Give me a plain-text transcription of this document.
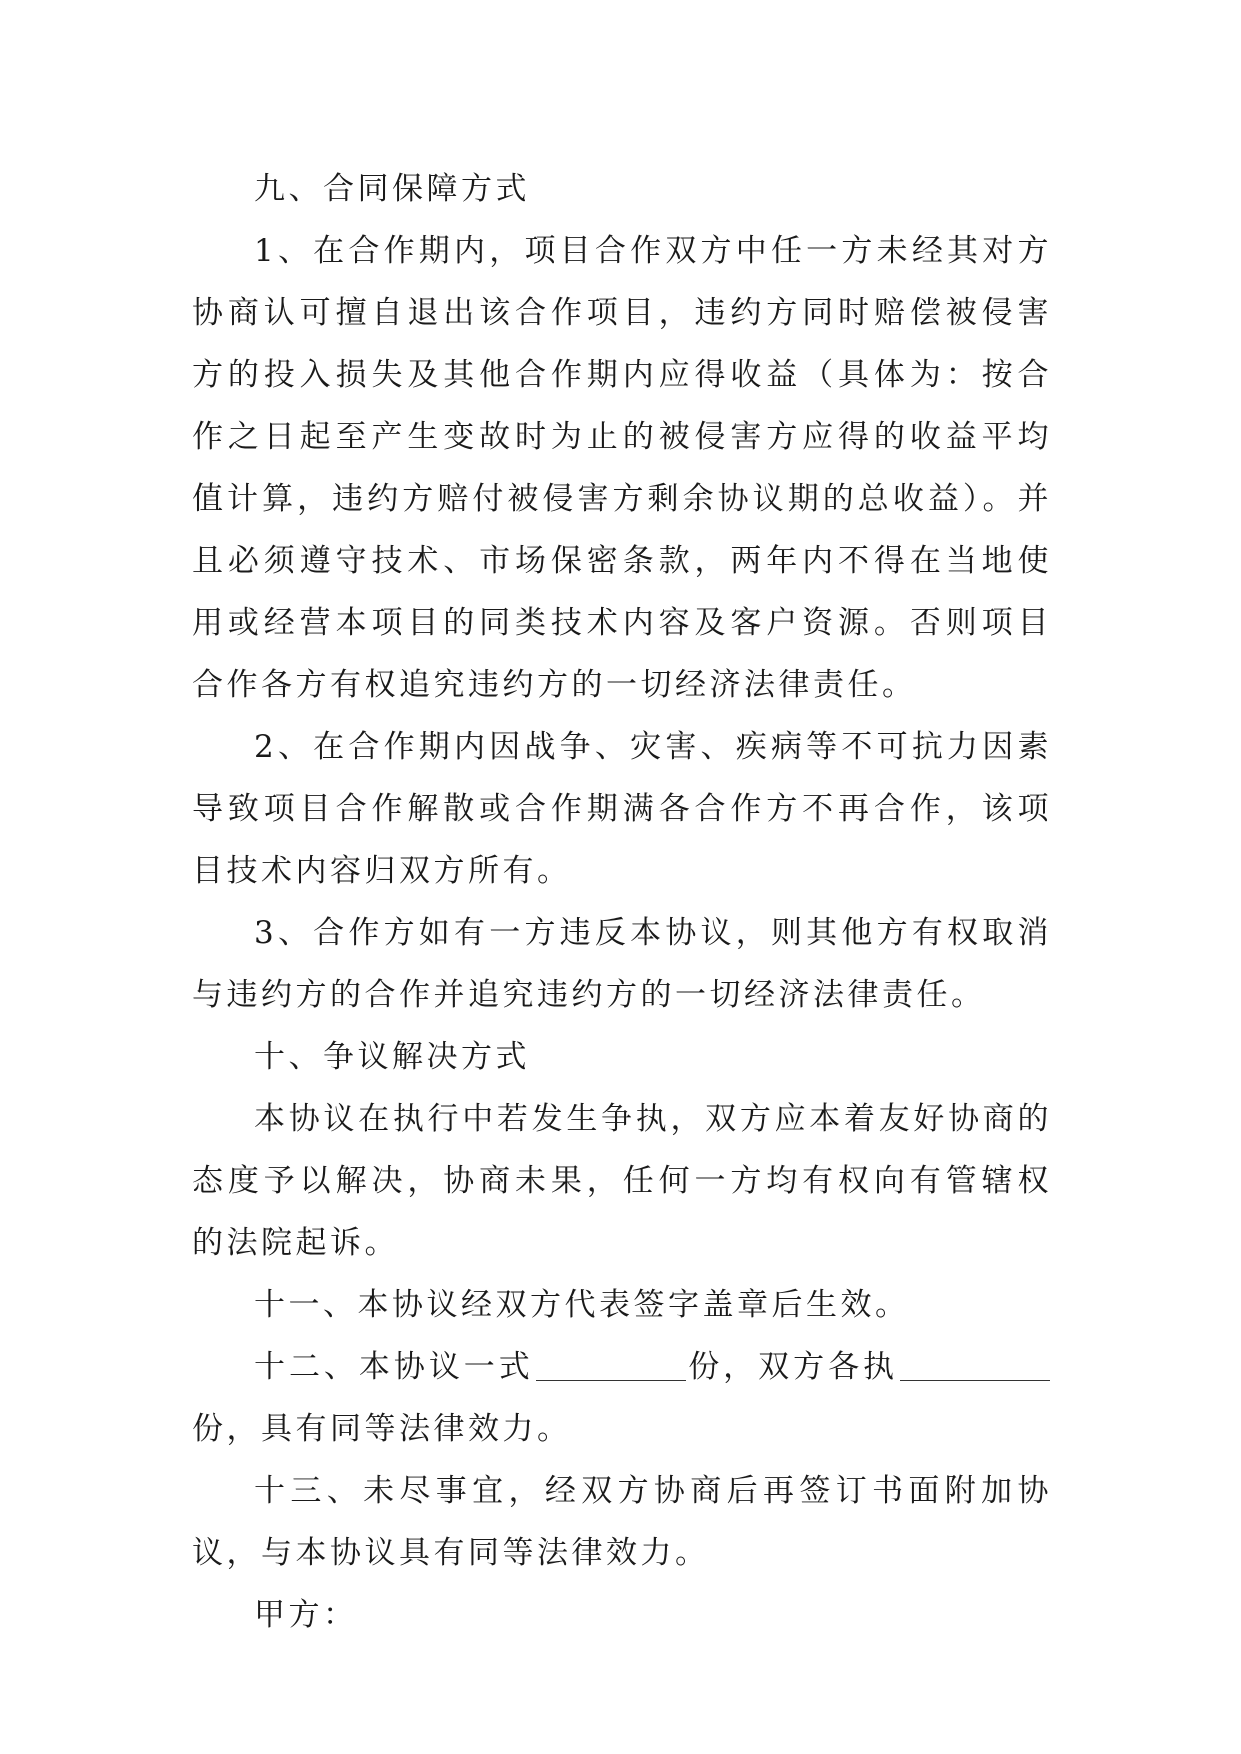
九、合同保障方式

1、在合作期内，项目合作双方中任一方未经其对方协商认可擅自退出该合作项目，违约方同时赔偿被侵害方的投入损失及其他合作期内应得收益（具体为：按合作之日起至产生变故时为止的被侵害方应得的收益平均值计算，违约方赔付被侵害方剩余协议期的总收益）。并且必须遵守技术、市场保密条款，两年内不得在当地使用或经营本项目的同类技术内容及客户资源。否则项目合作各方有权追究违约方的一切经济法律责任。

2、在合作期内因战争、灾害、疾病等不可抗力因素导致项目合作解散或合作期满各合作方不再合作，该项目技术内容归双方所有。

3、合作方如有一方违反本协议，则其他方有权取消与违约方的合作并追究违约方的一切经济法律责任。

十、争议解决方式

本协议在执行中若发生争执，双方应本着友好协商的态度予以解决，协商未果，任何一方均有权向有管辖权的法院起诉。

十一、本协议经双方代表签字盖章后生效。

十二、本协议一式	份，双方各执份，具有同等法律效力。

十三、未尽事宜，经双方协商后再签订书面附加协议，与本协议具有同等法律效力。

甲方：
